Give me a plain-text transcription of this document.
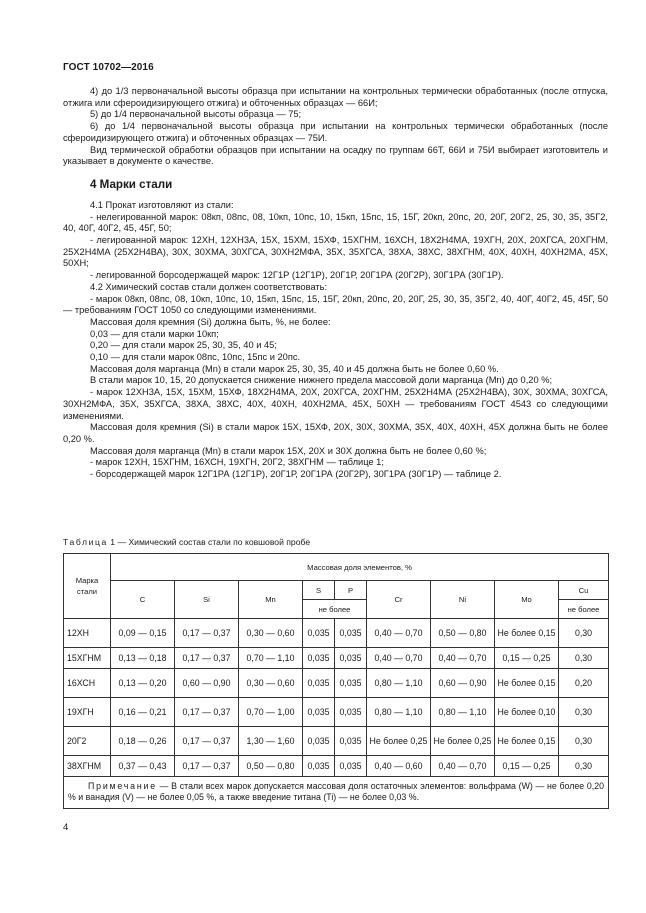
ГОСТ 10702—2016

4) до 1/3 первоначальной высоты образца при испытании на контрольных термически обработанных (после отпуска, отжига или сфероидизирующего отжига) и обточенных образцах — 66И;

5) до 1/4 первоначальной высоты образца — 75;

6) до 1/4 первоначальной высоты образца при испытании на контрольных термически обработанных (после сфероидизирующего отжига) и обточенных образцах — 75И.

Вид термической обработки образцов при испытании на осадку по группам 66Т, 66И и 75И выбирает изготовитель и указывает в документе о качестве.

4 Марки стали

4.1 Прокат изготовляют из стали:

- нелегированной марок: 08кп, 08пс, 08, 10кп, 10пс, 10, 15кп, 15пс, 15, 15Г, 20кп, 20пс, 20, 20Г, 20Г2, 25, 30, 35, 35Г2, 40, 40Г, 40Г2, 45, 45Г, 50;

- легированной марок: 12ХН, 12ХН3А, 15Х, 15ХМ, 15ХФ, 15ХГНМ, 16ХСН, 18Х2Н4МА, 19ХГН, 20Х, 20ХГСА, 20ХГНМ, 25Х2Н4МА (25Х2Н4ВА), 30Х, 30ХМА, 30ХГСА, 30ХН2МФА, 35Х, 35ХГСА, 38ХА, 38ХС, 38ХГНМ, 40Х, 40ХН, 40ХН2МА, 45Х, 50ХН;

- легированной борсодержащей марок: 12Г1Р (12Г1Р), 20Г1Р, 20Г1РА (20Г2Р), 30Г1РА (30Г1Р).

4.2 Химический состав стали должен соответствовать:

- марок 08кп, 08пс, 08, 10кп, 10пс, 10, 15кп, 15пс, 15, 15Г, 20кп, 20пс, 20, 20Г, 25, 30, 35, 35Г2, 40, 40Г, 40Г2, 45, 45Г, 50 — требованиям ГОСТ 1050 со следующими изменениями.

Массовая доля кремния (Si) должна быть, %, не более:

0,03 — для стали марки 10кп;

0,20 — для стали марок 25, 30, 35, 40 и 45;

0,10 — для стали марок 08пс, 10пс, 15пс и 20пс.

Массовая доля марганца (Mn) в стали марок 25, 30, 35, 40 и 45 должна быть не более 0,60 %.

В стали марок 10, 15, 20 допускается снижение нижнего предела массовой доли марганца (Mn) до 0,20 %;

- марок 12ХН3А, 15Х, 15ХМ, 15ХФ, 18Х2Н4МА, 20Х, 20ХГСА, 20ХГНМ, 25Х2Н4МА (25Х2Н4ВА), 30Х, 30ХМА, 30ХГСА, 30ХН2МФА, 35Х, 35ХГСА, 38ХА, 38ХС, 40Х, 40ХН, 40ХН2МА, 45Х, 50ХН — требованиям ГОСТ 4543 со следующими изменениями.

Массовая доля кремния (Si) в стали марок 15Х, 15ХФ, 20Х, 30Х, 30ХМА, 35Х, 40Х, 40ХН, 45Х должна быть не более 0,20 %.

Массовая доля марганца (Mn) в стали марок 15Х, 20Х и 30Х должна быть не более 0,60 %;

- марок 12ХН, 15ХГНМ, 16ХСН, 19ХГН, 20Г2, 38ХГНМ — таблице 1;

- борсодержащей марок 12Г1РА (12Г1Р), 20Г1Р, 20Г1РА (20Г2Р), 30Г1РА (30Г1Р) — таблице 2.

Таблица 1 — Химический состав стали по ковшовой пробе
Марка стали	Массовая доля элементов, %								
	C	Si	Mn	S	P	Cr	Ni	Mo	Cu
				не более					не более
12ХН	0,09 — 0,15	0,17 — 0,37	0,30 — 0,60	0,035	0,035	0,40 — 0,70	0,50 — 0,80	Не более 0,15	0,30
15ХГНМ	0,13 — 0,18	0,17 — 0,37	0,70 — 1,10	0,035	0,035	0,40 — 0,70	0,40 — 0,70	0,15 — 0,25	0,30
16ХСН	0,13 — 0,20	0,60 — 0,90	0,30 — 0,60	0,035	0,035	0,80 — 1,10	0,60 — 0,90	Не более 0,15	0,20
19ХГН	0,16 — 0,21	0,17 — 0,37	0,70 — 1,00	0,035	0,035	0,80 — 1,10	0,80 — 1,10	Не более 0,10	0,30
20Г2	0,18 — 0,26	0,17 — 0,37	1,30 — 1,60	0,035	0,035	Не более 0,25	Не более 0,25	Не более 0,15	0,30
38ХГНМ	0,37 — 0,43	0,17 — 0,37	0,50 — 0,80	0,035	0,035	0,40 — 0,60	0,40 — 0,70	0,15 — 0,25	0,30
Примечание — В стали всех марок допускается массовая доля остаточных элементов: вольфрама (W) — не более 0,20 % и ванадия (V) — не более 0,05 %, а также введение титана (Ti) — не более 0,03 %.									
4
